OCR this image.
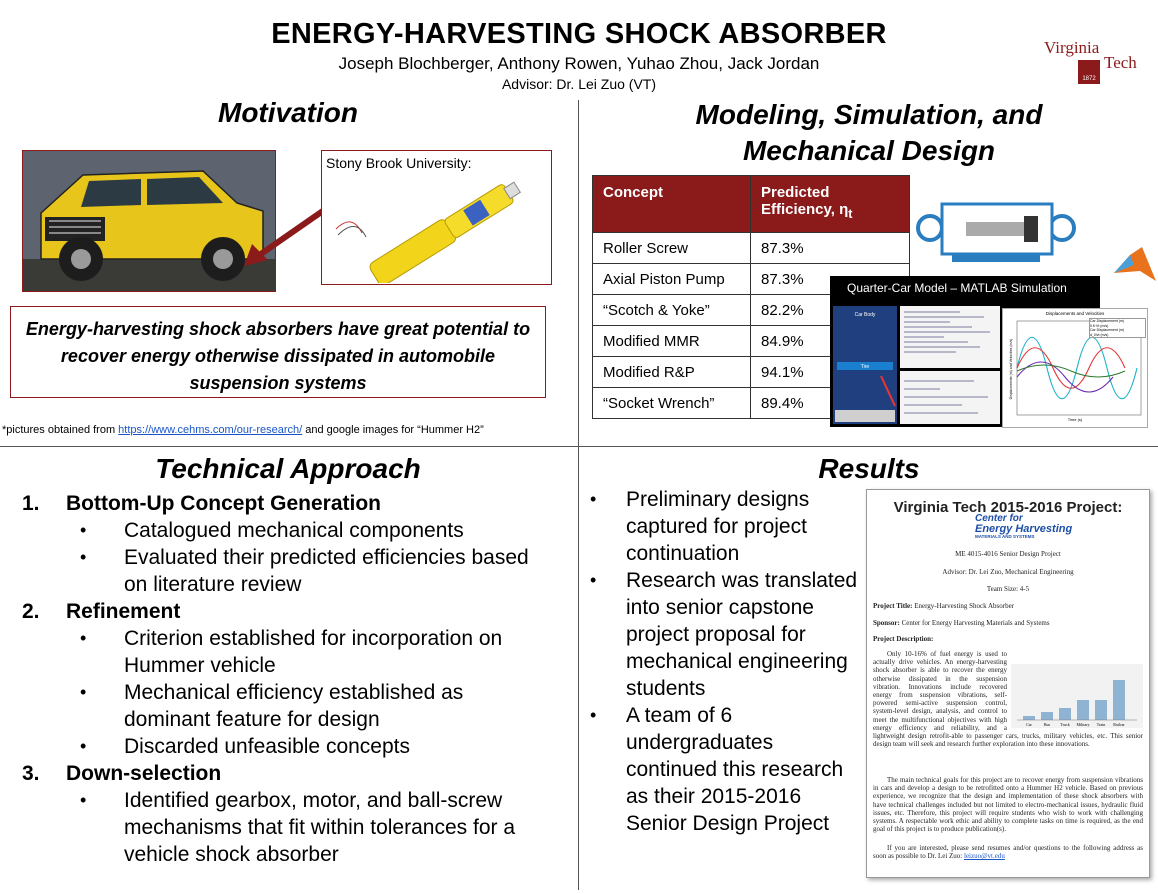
ENERGY-HARVESTING SHOCK ABSORBER
Joseph Blochberger, Anthony Rowen, Yuhao Zhou, Jack Jordan
Advisor: Dr. Lei Zuo (VT)
Virginia
1872
Tech
Motivation
Stony Brook University:
Energy-harvesting shock absorbers have great potential to recover energy otherwise dissipated in automobile suspension systems
*pictures obtained from https://www.cehms.com/our-research/ and google images for “Hummer H2”
Modeling, Simulation, and
Mechanical Design
Concept	Predicted Efficiency, $\eta_t$
Roller Screw	87.3%
Axial Piston Pump	87.3%
“Scotch & Yoke”	82.2%
Modified MMR	84.9%
Modified R&P	94.1%
“Socket Wrench”	89.4%
Quarter-Car Model – MATLAB Simulation
Car Body
Tire
Displacements and Velocities
Car Displacement (m)
0.5·Vt (m/s)
Car Displacement (m)
d_0/vt (m/s)
Time (s)
Displacements (m) and Velocities (m/s)
Technical Approach
1.	Bottom-Up Concept Generation
•	Catalogued mechanical components
•	Evaluated their predicted efficiencies based on literature review
2.	Refinement
•	Criterion established for incorporation on Hummer vehicle
•	Mechanical efficiency established as dominant feature for design
•	Discarded unfeasible concepts
3.	Down-selection
•	Identified gearbox, motor, and ball-screw mechanisms that fit within tolerances for a vehicle shock absorber
Results
•	Preliminary designs captured for project continuation
•	Research was translated into senior capstone project proposal for mechanical engineering students
•	A team of 6 undergraduates continued this research as their 2015-2016 Senior Design Project
Virginia Tech 2015-2016 Project:
Center for
Energy Harvesting
MATERIALS AND SYSTEMS
ME 4015-4016 Senior Design Project
Advisor: Dr. Lei Zuo, Mechanical Engineering
Team Size: 4-5
Project Title: Energy-Harvesting Shock Absorber
Sponsor: Center for Energy Harvesting Materials and Systems
Project Description:
Car	Bus	Truck Military Train Railcar
Only 10-16% of fuel energy is used to actually drive vehicles. An energy-harvesting shock absorber is able to recover the energy otherwise dissipated in the suspension vibration. Innovations include recovered energy from suspension vibrations, self-powered semi-active suspension control, system-level design, analysis, and control to meet the multifunctional objectives with high energy efficiency and reliability, and a lightweight design retrofit-able to passenger cars, trucks, military vehicles, etc. This senior design team will seek and research further exploration into these innovations.
The main technical goals for this project are to recover energy from suspension vibrations in cars and develop a design to be retrofitted onto a Hummer H2 vehicle. Based on previous experience, we recognize that the design and implementation of these shock absorbers with have technical challenges included but not limited to electro-mechanical issues, hydraulic fluid issues, etc. Therefore, this project will require students who wish to work with challenging systems. A respectable work ethic and ability to complete tasks on time is required, as the end goal of this project is to produce publication(s).
If you are interested, please send resumes and/or questions to the following address as soon as possible to Dr. Lei Zuo: leizuo@vt.edu
